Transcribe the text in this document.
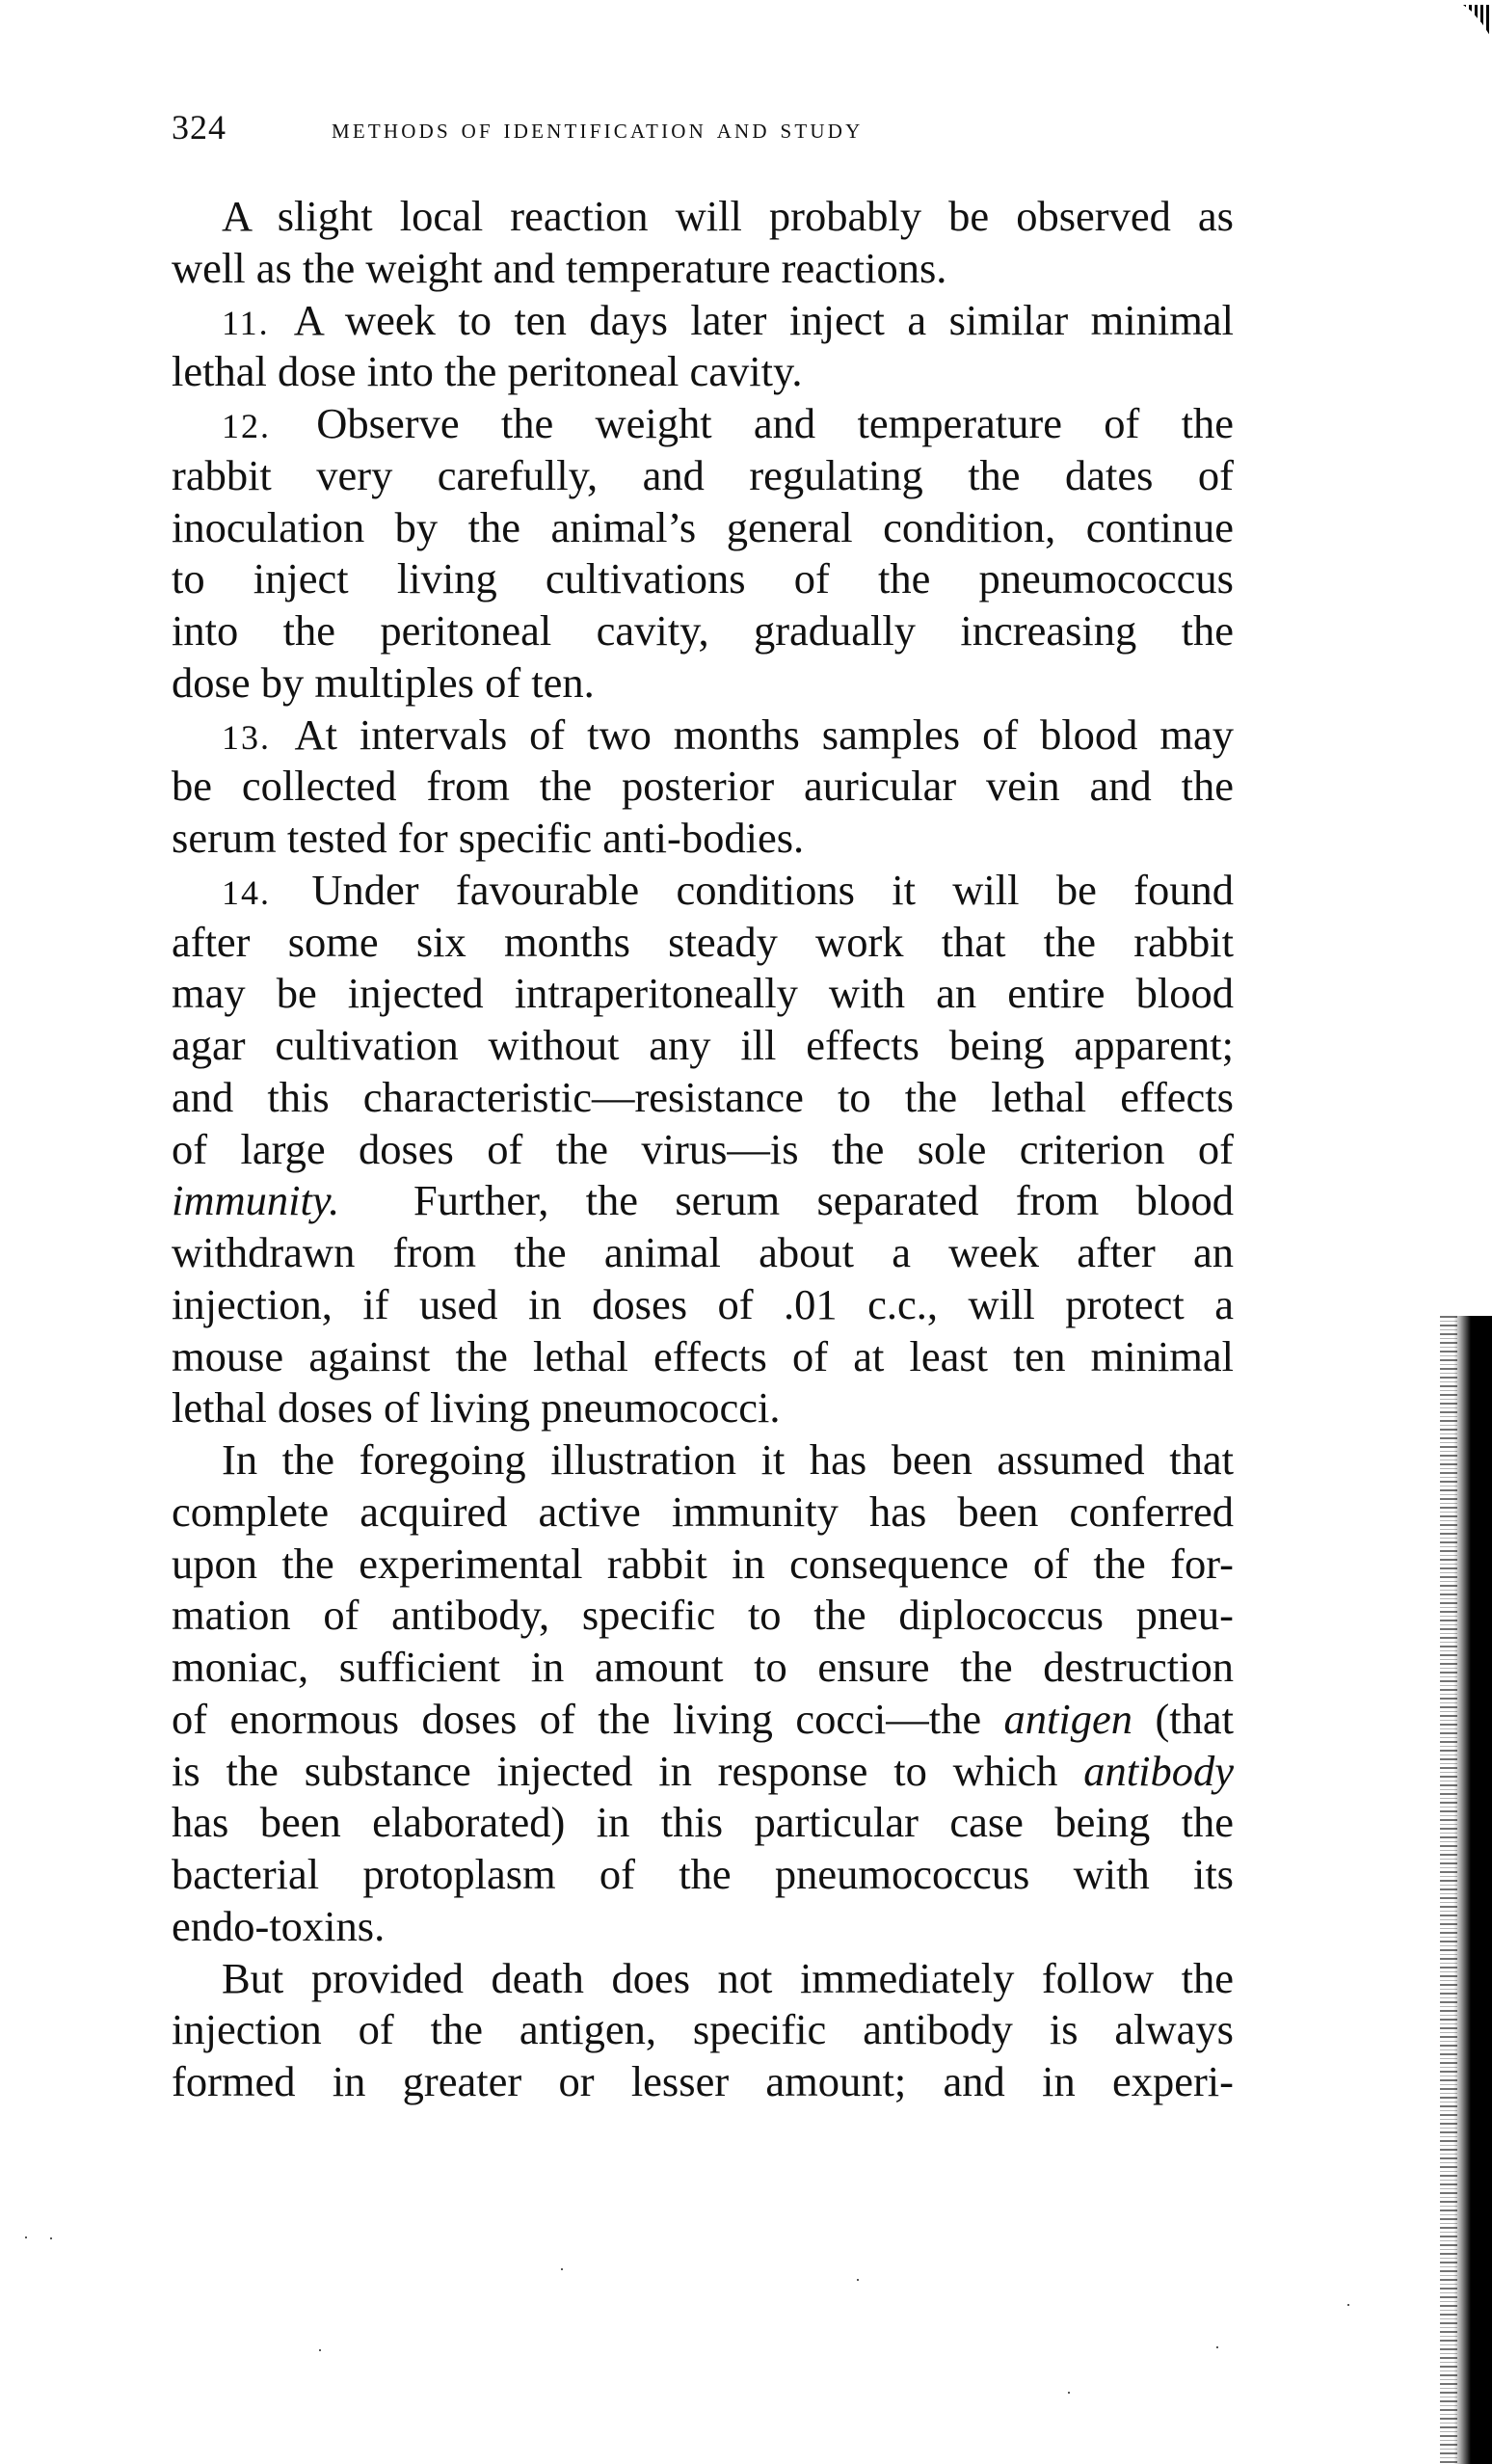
324	methods of identification and study
A slight local reaction will probably be observed as
well as the weight and temperature reactions.
11. A week to ten days later inject a similar minimal
lethal dose into the peritoneal cavity.
12. Observe the weight and temperature of the
rabbit very carefully, and regulating the dates of
inoculation by the animal’s general condition, continue
to inject living cultivations of the pneumococcus
into the peritoneal cavity, gradually increasing the
dose by multiples of ten.
13. At intervals of two months samples of blood may
be collected from the posterior auricular vein and the
serum tested for specific anti-bodies.
14. Under favourable conditions it will be found
after some six months steady work that the rabbit
may be injected intraperitoneally with an entire blood
agar cultivation without any ill effects being apparent;
and this characteristic—resistance to the lethal effects
of large doses of the virus—is the sole criterion of
immunity. Further, the serum separated from blood
withdrawn from the animal about a week after an
injection, if used in doses of .01 c.c., will protect a
mouse against the lethal effects of at least ten minimal
lethal doses of living pneumococci.
In the foregoing illustration it has been assumed that
complete acquired active immunity has been conferred
upon the experimental rabbit in consequence of the for-
mation of antibody, specific to the diplococcus pneu-
moniac, sufficient in amount to ensure the destruction
of enormous doses of the living cocci—the antigen (that
is the substance injected in response to which antibody
has been elaborated) in this particular case being the
bacterial protoplasm of the pneumococcus with its
endo-toxins.
But provided death does not immediately follow the
injection of the antigen, specific antibody is always
formed in greater or lesser amount; and in experi-
